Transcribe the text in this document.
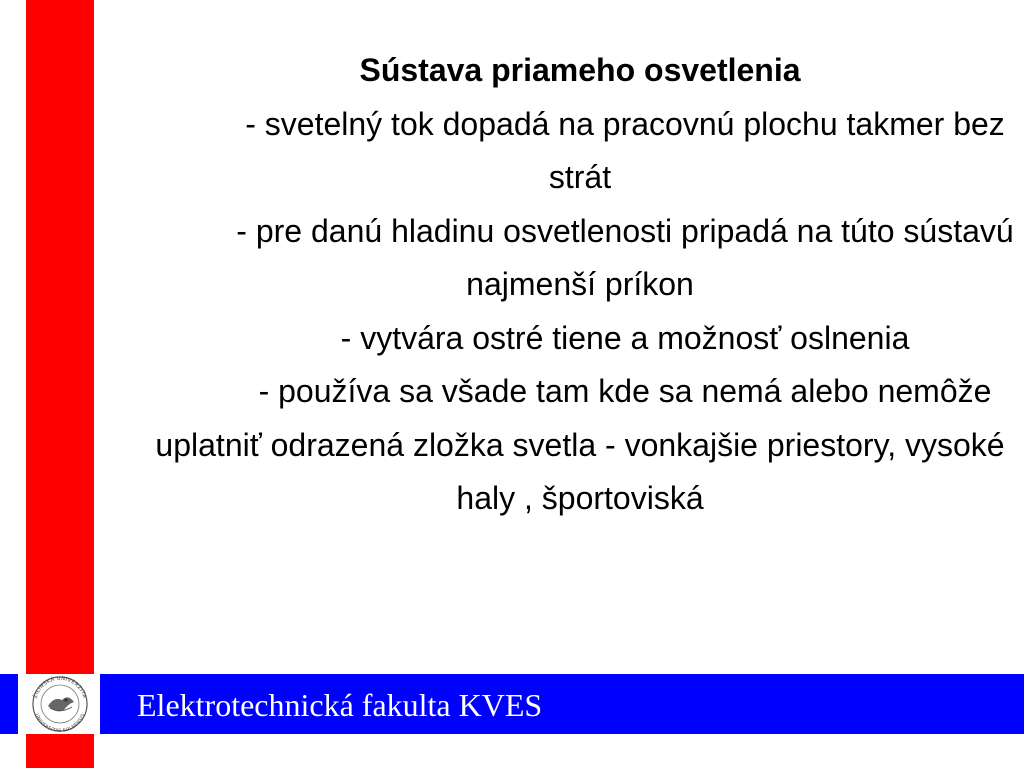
Sústava priameho osvetlenia
- svetelný tok dopadá na pracovnú plochu takmer bez strát
- pre danú hladinu osvetlenosti pripadá na túto sústavú najmenší príkon
- vytvára ostré tiene a možnosť oslnenia
- používa sa všade tam kde sa nemá alebo nemôže uplatniť odrazená zložka svetla - vonkajšie priestory, vysoké haly , športoviská
Elektrotechnická fakulta KVES
ŽILINSKÁ UNIVERZITA
UNIVERSITAS SOLNENSIS
